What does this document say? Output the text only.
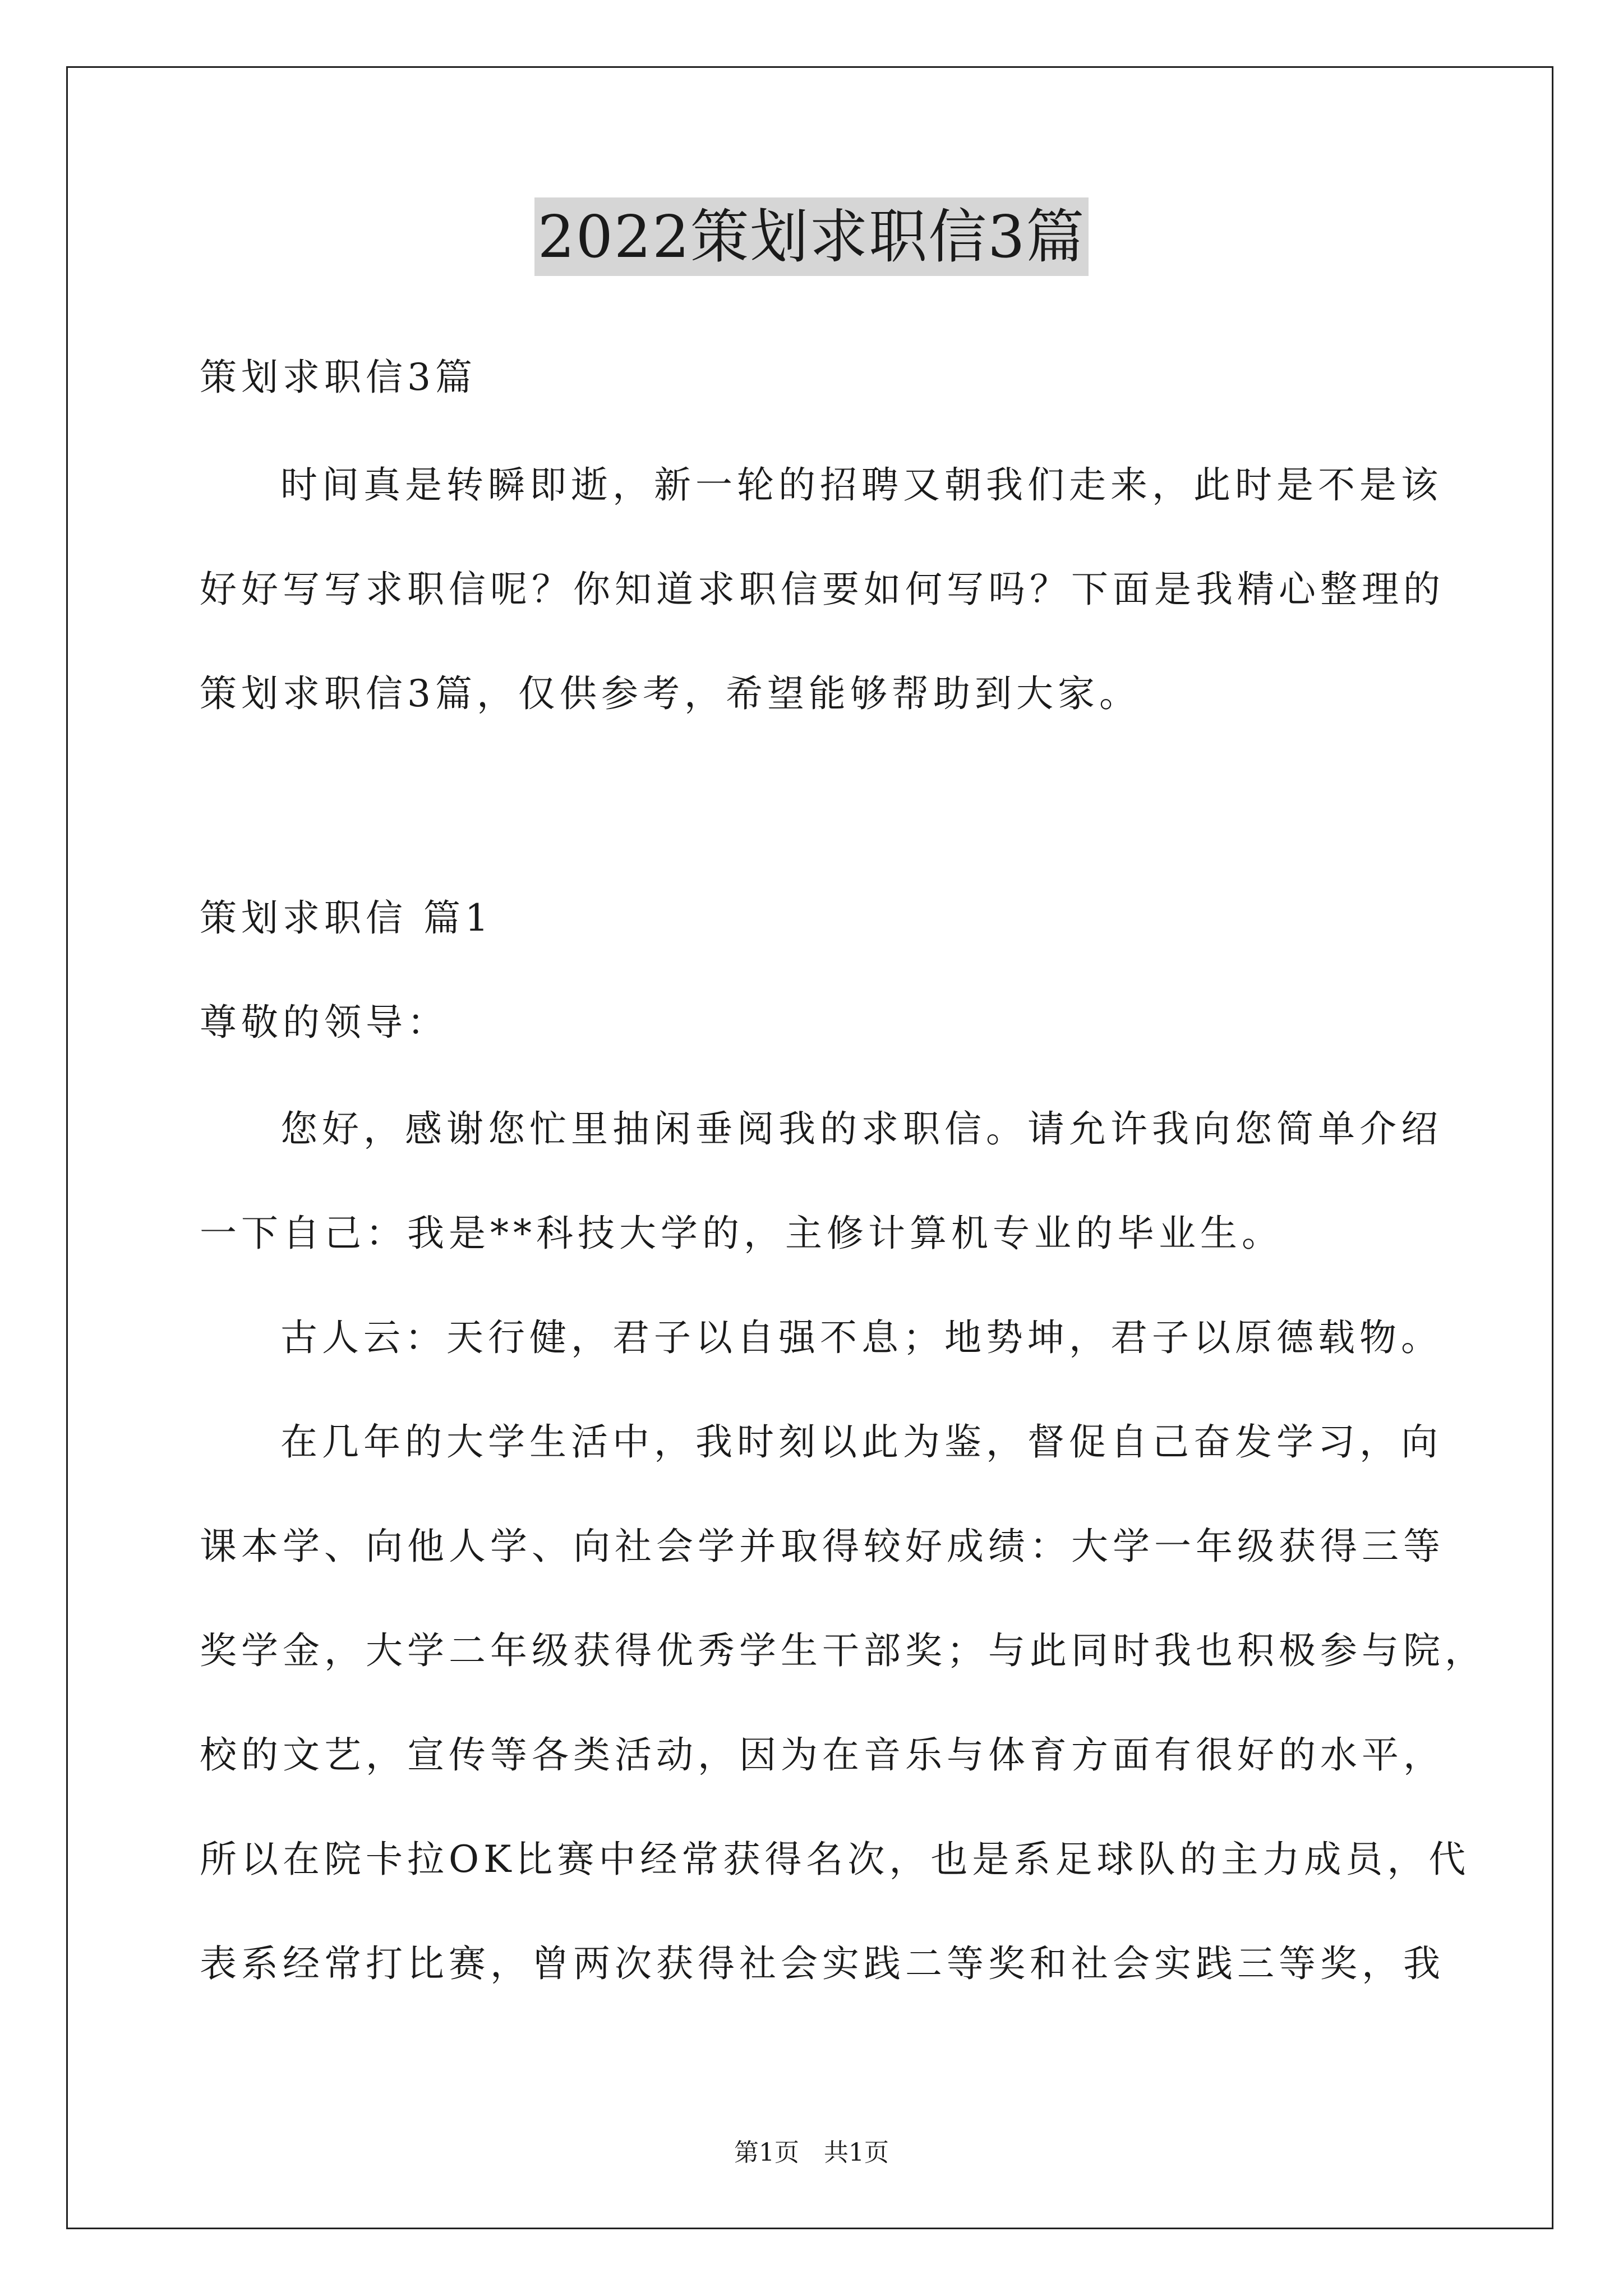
2022策划求职信3篇
策划求职信3篇
时间真是转瞬即逝，新一轮的招聘又朝我们走来，此时是不是该
好好写写求职信呢？你知道求职信要如何写吗？下面是我精心整理的
策划求职信3篇，仅供参考，希望能够帮助到大家。
策划求职信 篇1
尊敬的领导：
您好，感谢您忙里抽闲垂阅我的求职信。请允许我向您简单介绍
一下自己：我是**科技大学的，主修计算机专业的毕业生。
古人云：天行健，君子以自强不息；地势坤，君子以原德载物。
在几年的大学生活中，我时刻以此为鉴，督促自己奋发学习，向
课本学、向他人学、向社会学并取得较好成绩：大学一年级获得三等
奖学金，大学二年级获得优秀学生干部奖；与此同时我也积极参与院，
校的文艺，宣传等各类活动，因为在音乐与体育方面有很好的水平，
所以在院卡拉OK比赛中经常获得名次，也是系足球队的主力成员，代
表系经常打比赛，曾两次获得社会实践二等奖和社会实践三等奖，我
第1页　共1页
